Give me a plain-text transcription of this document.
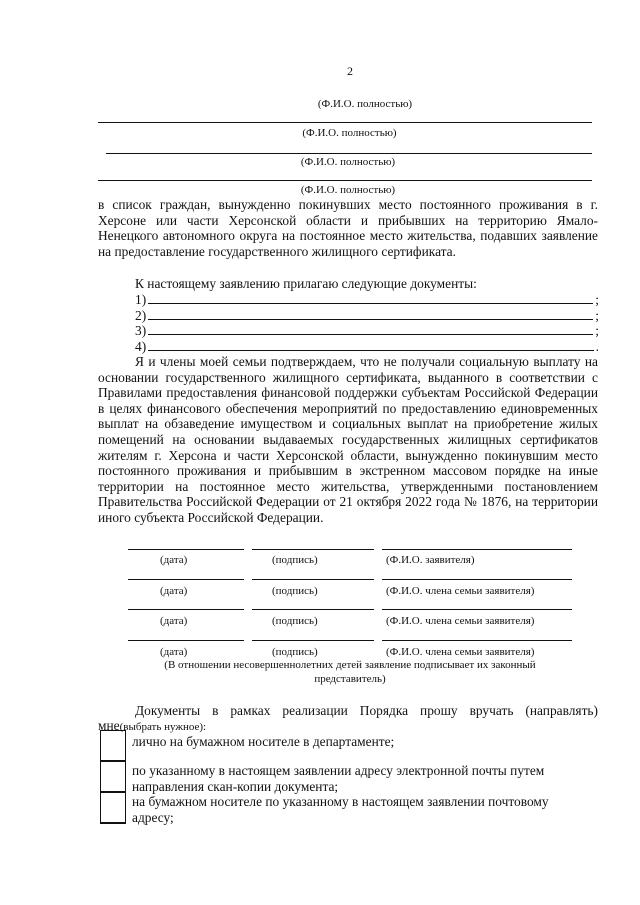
2
(Ф.И.О. полностью)
(Ф.И.О. полностью)
(Ф.И.О. полностью)
(Ф.И.О. полностью)
в список граждан, вынужденно покинувших место постоянного проживания в г. Херсоне или части Херсонской области и прибывших на территорию Ямало-Ненецкого автономного округа на постоянное место жительства, подавших заявление на предоставление государственного жилищного сертификата.
К настоящему заявлению прилагаю следующие документы:
1)	;
2)	;
3)	;
4)	.
Я и члены моей семьи подтверждаем, что не получали социальную выплату на основании государственного жилищного сертификата, выданного в соответствии с Правилами предоставления финансовой поддержки субъектам Российской Федерации в целях финансового обеспечения мероприятий по предоставлению единовременных выплат на обзаведение имуществом и социальных выплат на приобретение жилых помещений на основании выдаваемых государственных жилищных сертификатов жителям г. Херсона и части Херсонской области, вынужденно покинувшим место постоянного проживания и прибывшим в экстренном массовом порядке на иные территории на постоянное место жительства, утвержденными постановлением Правительства Российской Федерации от 21 октября 2022 года № 1876, на территории иного субъекта Российской Федерации.
(дата)	(подпись)	(Ф.И.О. заявителя)
(дата)	(подпись)	(Ф.И.О. члена семьи заявителя)
(дата)	(подпись)	(Ф.И.О. члена семьи заявителя)
(дата)	(подпись)	(Ф.И.О. члена семьи заявителя)
(В отношении несовершеннолетних детей заявление подписывает их законный представитель)
Документы в рамках реализации Порядка прошу вручать (направлять)
мне(выбрать нужное):
лично на бумажном носителе в департаменте;
по указанному в настоящем заявлении адресу электронной почты путем направления скан-копии документа;
на бумажном носителе по указанному в настоящем заявлении почтовому адресу;
